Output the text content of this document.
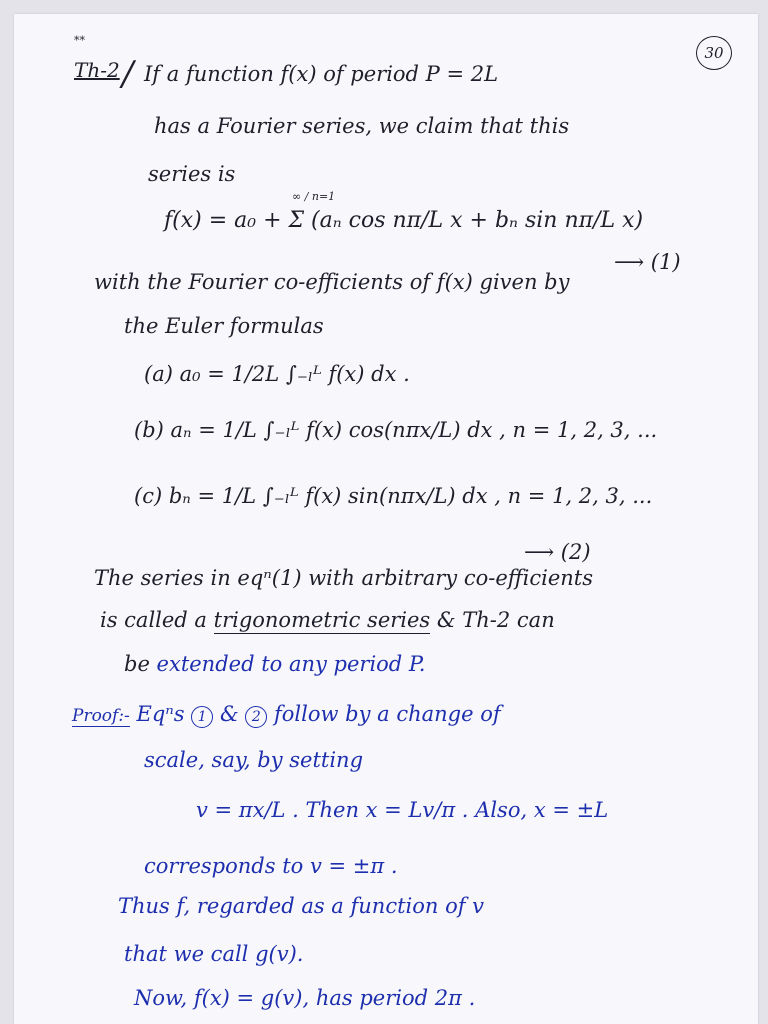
**
Th-2 /
30
If a function f(x) of period P = 2L
has a Fourier series, we claim that this
series is
f(x) = a₀ + Σ (aₙ cos nπ/L x + bₙ sin nπ/L x)
∞ / n=1
⟶ (1)
with the Fourier co-efficients of f(x) given by
the Euler formulas
(a) a₀ = 1/2L ∫₋ₗᴸ f(x) dx .
(b) aₙ = 1/L ∫₋ₗᴸ f(x) cos(nπx/L) dx , n = 1, 2, 3, ...
(c) bₙ = 1/L ∫₋ₗᴸ f(x) sin(nπx/L) dx , n = 1, 2, 3, ...
⟶ (2)
The series in eqⁿ(1) with arbitrary co-efficients
is called a trigonometric series & Th-2 can
be extended to any period P.
Proof:- Eqⁿs 1 & 2 follow by a change of
scale, say, by setting
v = πx/L . Then x = Lv/π . Also, x = ±L
corresponds to v = ±π .
Thus f, regarded as a function of v
that we call g(v).
Now, f(x) = g(v), has period 2π .
